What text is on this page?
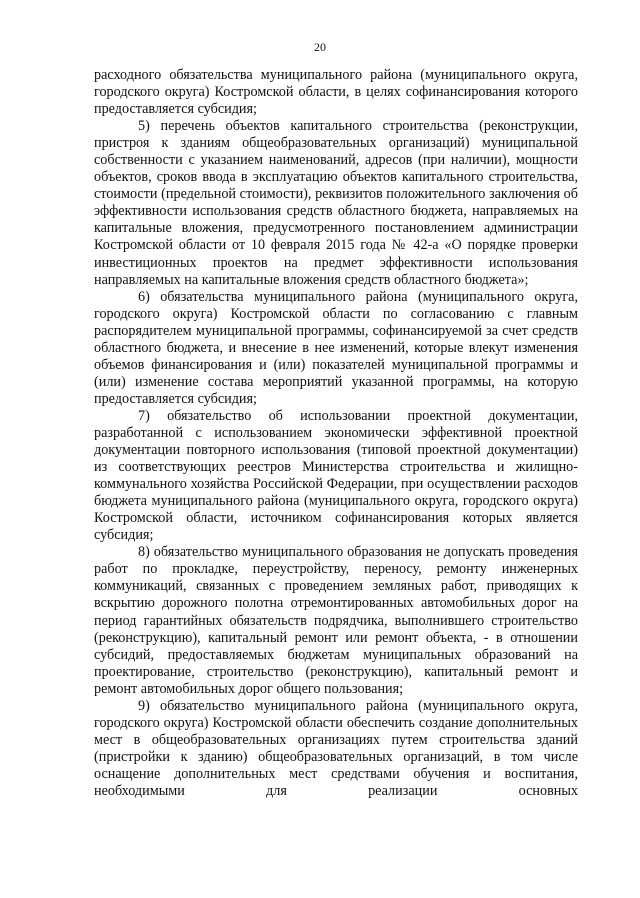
20

расходного обязательства муниципального района (муниципального округа, городского округа) Костромской области, в целях софинансирования которого предоставляется субсидия;

5) перечень объектов капитального строительства (реконструкции, пристроя к зданиям общеобразовательных организаций) муниципальной собственности с указанием наименований, адресов (при наличии), мощности объектов, сроков ввода в эксплуатацию объектов капитального строительства, стоимости (предельной стоимости), реквизитов положительного заключения об эффективности использования средств областного бюджета, направляемых на капитальные вложения, предусмотренного постановлением администрации Костромской области от 10 февраля 2015 года № 42-а «О порядке проверки инвестиционных проектов на предмет эффективности использования направляемых на капитальные вложения средств областного бюджета»;

6) обязательства муниципального района (муниципального округа, городского округа) Костромской области по согласованию с главным распорядителем муниципальной программы, софинансируемой за счет средств областного бюджета, и внесение в нее изменений, которые влекут изменения объемов финансирования и (или) показателей муниципальной программы и (или) изменение состава мероприятий указанной программы, на которую предоставляется субсидия;

7) обязательство об использовании проектной документации, разработанной с использованием экономически эффективной проектной документации повторного использования (типовой проектной документации) из соответствующих реестров Министерства строительства и жилищно-коммунального хозяйства Российской Федерации, при осуществлении расходов бюджета муниципального района (муниципального округа, городского округа) Костромской области, источником софинансирования которых является субсидия;

8) обязательство муниципального образования не допускать проведения работ по прокладке, переустройству, переносу, ремонту инженерных коммуникаций, связанных с проведением земляных работ, приводящих к вскрытию дорожного полотна отремонтированных автомобильных дорог на период гарантийных обязательств подрядчика, выполнившего строительство (реконструкцию), капитальный ремонт или ремонт объекта, - в отношении субсидий, предоставляемых бюджетам муниципальных образований на проектирование, строительство (реконструкцию), капитальный ремонт и ремонт автомобильных дорог общего пользования;

9) обязательство муниципального района (муниципального округа, городского округа) Костромской области обеспечить создание дополнительных мест в общеобразовательных организациях путем строительства зданий (пристройки к зданию) общеобразовательных организаций, в том числе оснащение дополнительных мест средствами обучения и воспитания, необходимыми для реализации основных
